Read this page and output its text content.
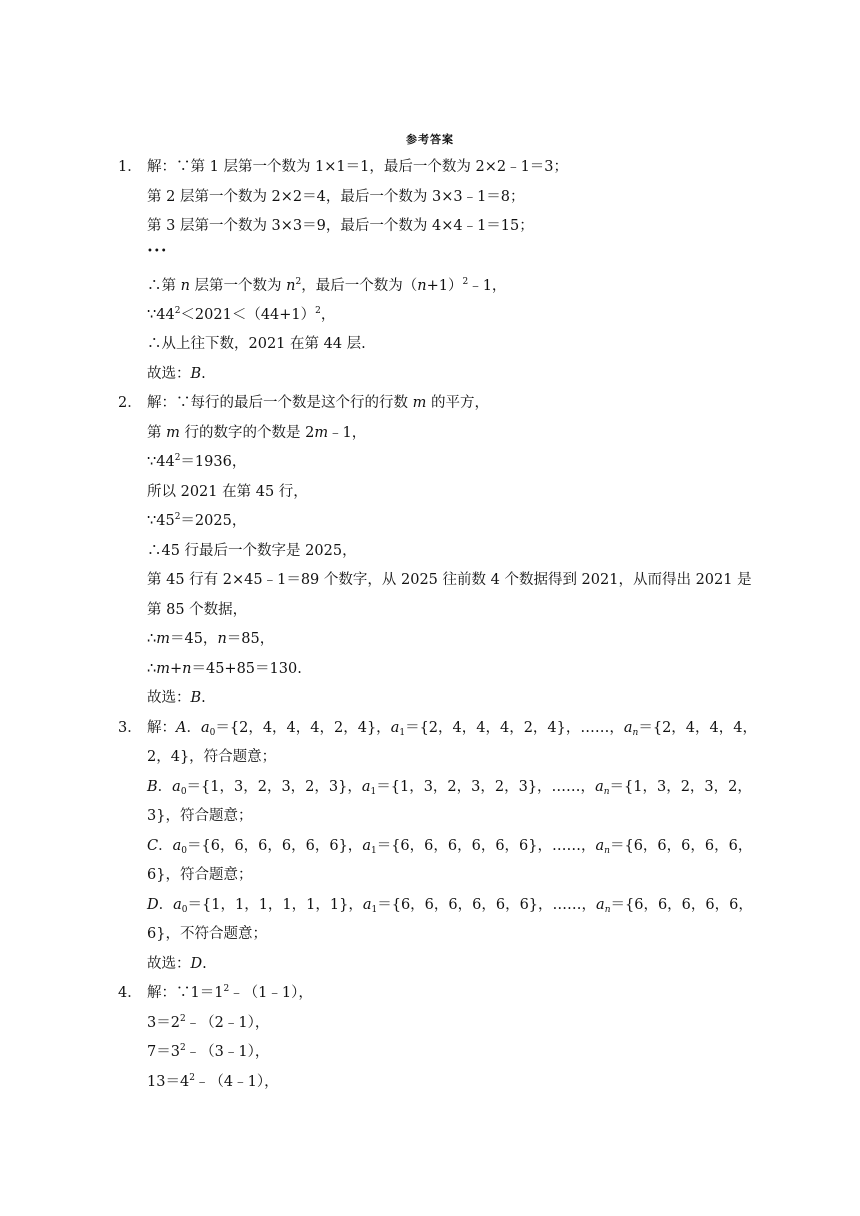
参考答案
1． 解：∵第 1 层第一个数为 1×1＝1，最后一个数为 2×2﹣1＝3；
第 2 层第一个数为 2×2＝4，最后一个数为 3×3﹣1＝8；
第 3 层第一个数为 3×3＝9，最后一个数为 4×4﹣1＝15；
•••
∴第 n 层第一个数为 $n^2$，最后一个数为$(n+1)^2﹣1$，
$\because 44^2<2021<(44+1)^2$，
∴从上往下数，2021 在第 44 层.
故选：B.
2． 解：∵每行的最后一个数是这个行的行数 m 的平方，
第 m 行的数字的个数是 2m﹣1，
$\because 44^2=1936$，
所以 2021 在第 45 行，
$\because 45^2=2025$，
∴45 行最后一个数字是 2025，
第 45 行有 2×45﹣1＝89 个数字，从 2025 往前数 4 个数据得到 2021，从而得出 2021 是
第 85 个数据，
∴m＝45，n＝85，
∴m+n＝45+85＝130.
故选：B.
3． 解：A．$a_0=\{2$，4，4，4，2，4}，$a_1=\{2$，4，4，4，2，4}，……，$a_n=\{2$，4，4，4，
2，4}，符合题意；
B．$a_0=\{1$，3，2，3，2，3}，$a_1=\{1$，3，2，3，2，3}，……，$a_n=\{1$，3，2，3，2，
3}，符合题意；
C．$a_0=\{6$，6，6，6，6，6}，$a_1=\{6$，6，6，6，6，6}，……，$a_n=\{6$，6，6，6，6，
6}，符合题意；
D．$a_0=\{1$，1，1，1，1，1}，$a_1=\{6$，6，6，6，6，6}，……，$a_n=\{6$，6，6，6，6，
6}，不符合题意；
故选：D.
4． 解：$\because 1=1^2﹣(1﹣1)$，
$3=2^2﹣(2﹣1)$，
$7=3^2﹣(3﹣1)$，
$13=4^2﹣(4﹣1)$，
